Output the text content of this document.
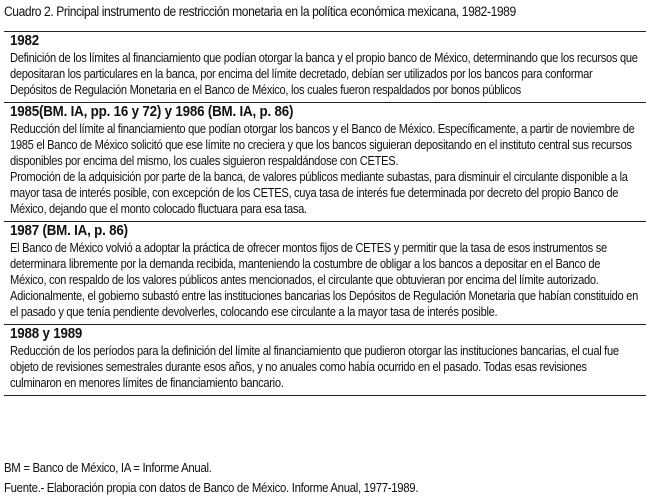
Cuadro 2. Principal instrumento de restricción monetaria en la política económica mexicana, 1982-1989
1982
Definición de los límites al financiamiento que podían otorgar la banca y el propio banco de México, determinando que los recursos que depositaran los particulares en la banca, por encima del límite decretado, debían ser utilizados por los bancos para conformar Depósitos de Regulación Monetaria en el Banco de México, los cuales fueron respaldados por bonos públicos
1985(BM. IA, pp. 16 y 72) y 1986 (BM. IA, p. 86)
Reducción del límite al financiamiento que podían otorgar los bancos y el Banco de México. Específicamente, a partir de noviembre de 1985 el Banco de México solicitó que ese límite no creciera y que los bancos siguieran depositando en el instituto central sus recursos disponibles por encima del mismo, los cuales siguieron respaldándose con CETES.
Promoción de la adquisición por parte de la banca, de valores públicos mediante subastas, para disminuir el circulante disponible a la mayor tasa de interés posible, con excepción de los CETES, cuya tasa de interés fue determinada por decreto del propio Banco de México, dejando que el monto colocado fluctuara para esa tasa.
1987 (BM. IA, p. 86)
El Banco de México volvió a adoptar la práctica de ofrecer montos fijos de CETES y permitir que la tasa de esos instrumentos se determinara libremente por la demanda recibida, manteniendo la costumbre de obligar a los bancos a depositar en el Banco de México, con respaldo de los valores públicos antes mencionados, el circulante que obtuvieran por encima del límite autorizado.
Adicionalmente, el gobierno subastó entre las instituciones bancarias los Depósitos de Regulación Monetaria que habían constituido en el pasado y que tenía pendiente devolverles, colocando ese circulante a la mayor tasa de interés posible.
1988 y 1989
Reducción de los períodos para la definición del límite al financiamiento que pudieron otorgar las instituciones bancarias, el cual fue objeto de revisiones semestrales durante esos años, y no anuales como había ocurrido en el pasado. Todas esas revisiones culminaron en menores límites de financiamiento bancario.
BM = Banco de México, IA = Informe Anual.
Fuente.- Elaboración propia con datos de Banco de México. Informe Anual, 1977-1989.
